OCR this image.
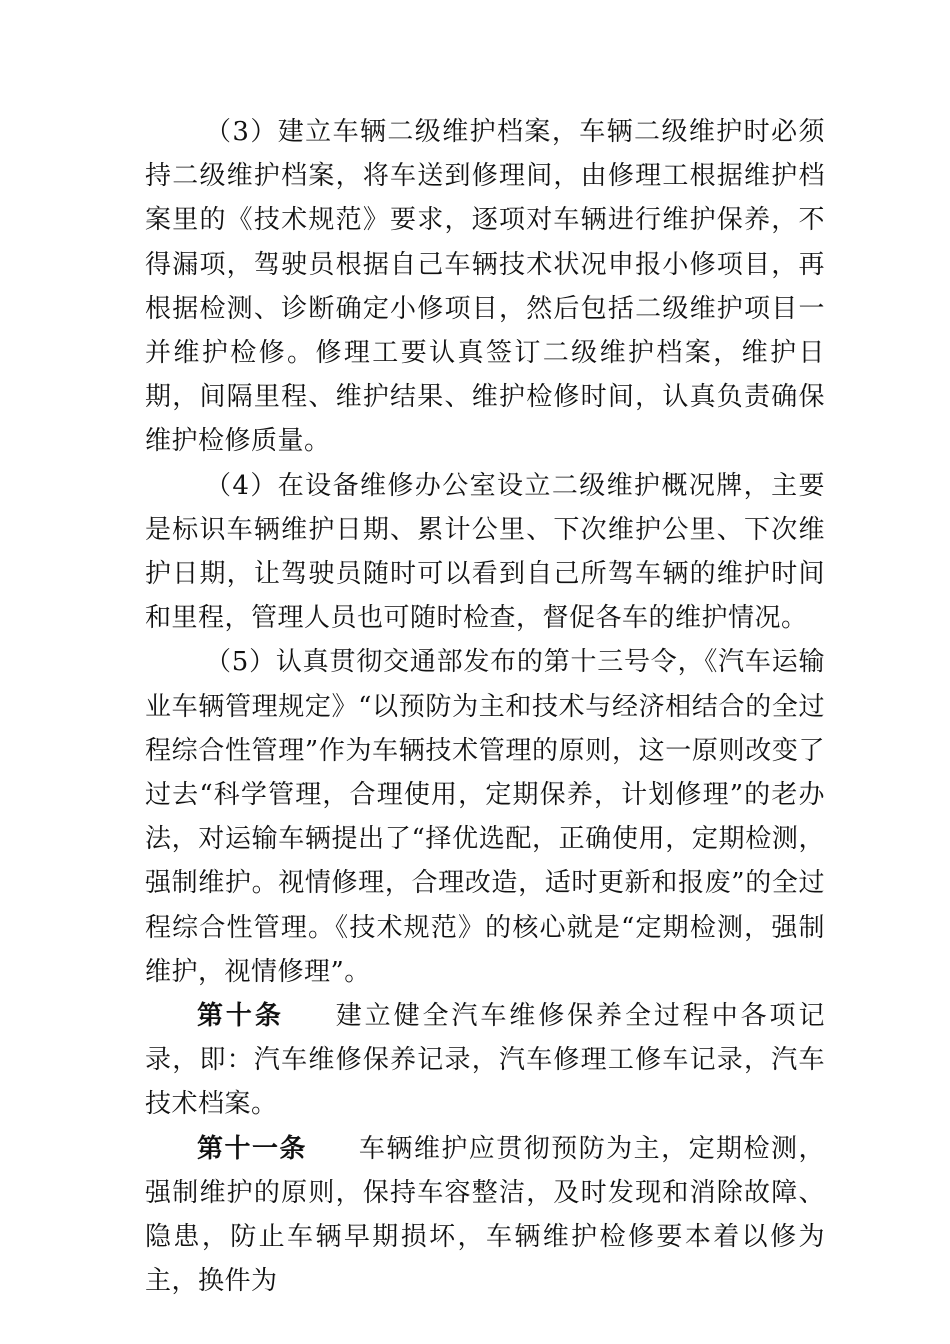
（3）建立车辆二级维护档案，车辆二级维护时必须持二级维护档案，将车送到修理间，由修理工根据维护档案里的《技术规范》要求，逐项对车辆进行维护保养，不得漏项，驾驶员根据自己车辆技术状况申报小修项目，再根据检测、诊断确定小修项目，然后包括二级维护项目一并维护检修。修理工要认真签订二级维护档案，维护日期，间隔里程、维护结果、维护检修时间，认真负责确保维护检修质量。

（4）在设备维修办公室设立二级维护概况牌，主要是标识车辆维护日期、累计公里、下次维护公里、下次维护日期，让驾驶员随时可以看到自己所驾车辆的维护时间和里程，管理人员也可随时检查，督促各车的维护情况。

（5）认真贯彻交通部发布的第十三号令，《汽车运输业车辆管理规定》“以预防为主和技术与经济相结合的全过程综合性管理”作为车辆技术管理的原则，这一原则改变了过去“科学管理，合理使用，定期保养，计划修理”的老办法，对运输车辆提出了“择优选配，正确使用，定期检测，强制维护。视情修理，合理改造，适时更新和报废”的全过程综合性管理。《技术规范》的核心就是“定期检测，强制维护，视情修理”。

第十条 建立健全汽车维修保养全过程中各项记录，即：汽车维修保养记录，汽车修理工修车记录，汽车技术档案。

第十一条 车辆维护应贯彻预防为主，定期检测，强制维护的原则，保持车容整洁，及时发现和消除故障、隐患，防止车辆早期损坏，车辆维护检修要本着以修为主，换件为
